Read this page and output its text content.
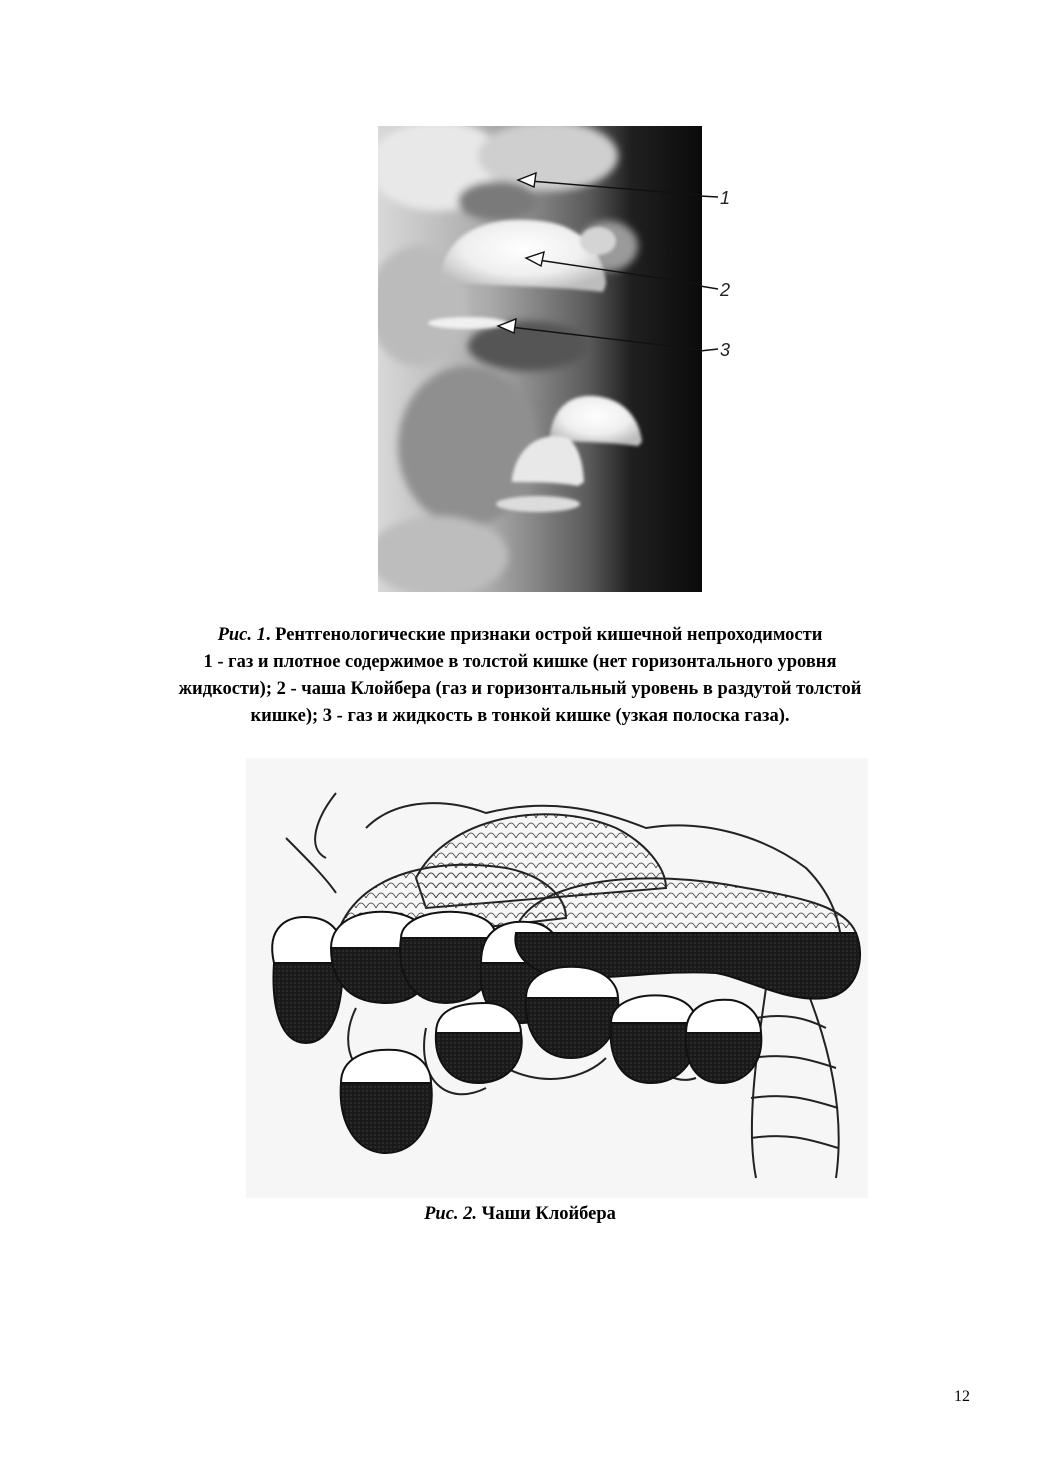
1
2
3
Рис. 1. Рентгенологические признаки острой кишечной непроходимости
1 - газ и плотное содержимое в толстой кишке (нет горизонтального уровня
жидкости); 2 - чаша Клойбера (газ и горизонтальный уровень в раздутой толстой
кишке); 3 - газ и жидкость в тонкой кишке (узкая полоска газа).
Рис. 2. Чаши Клойбера
12
